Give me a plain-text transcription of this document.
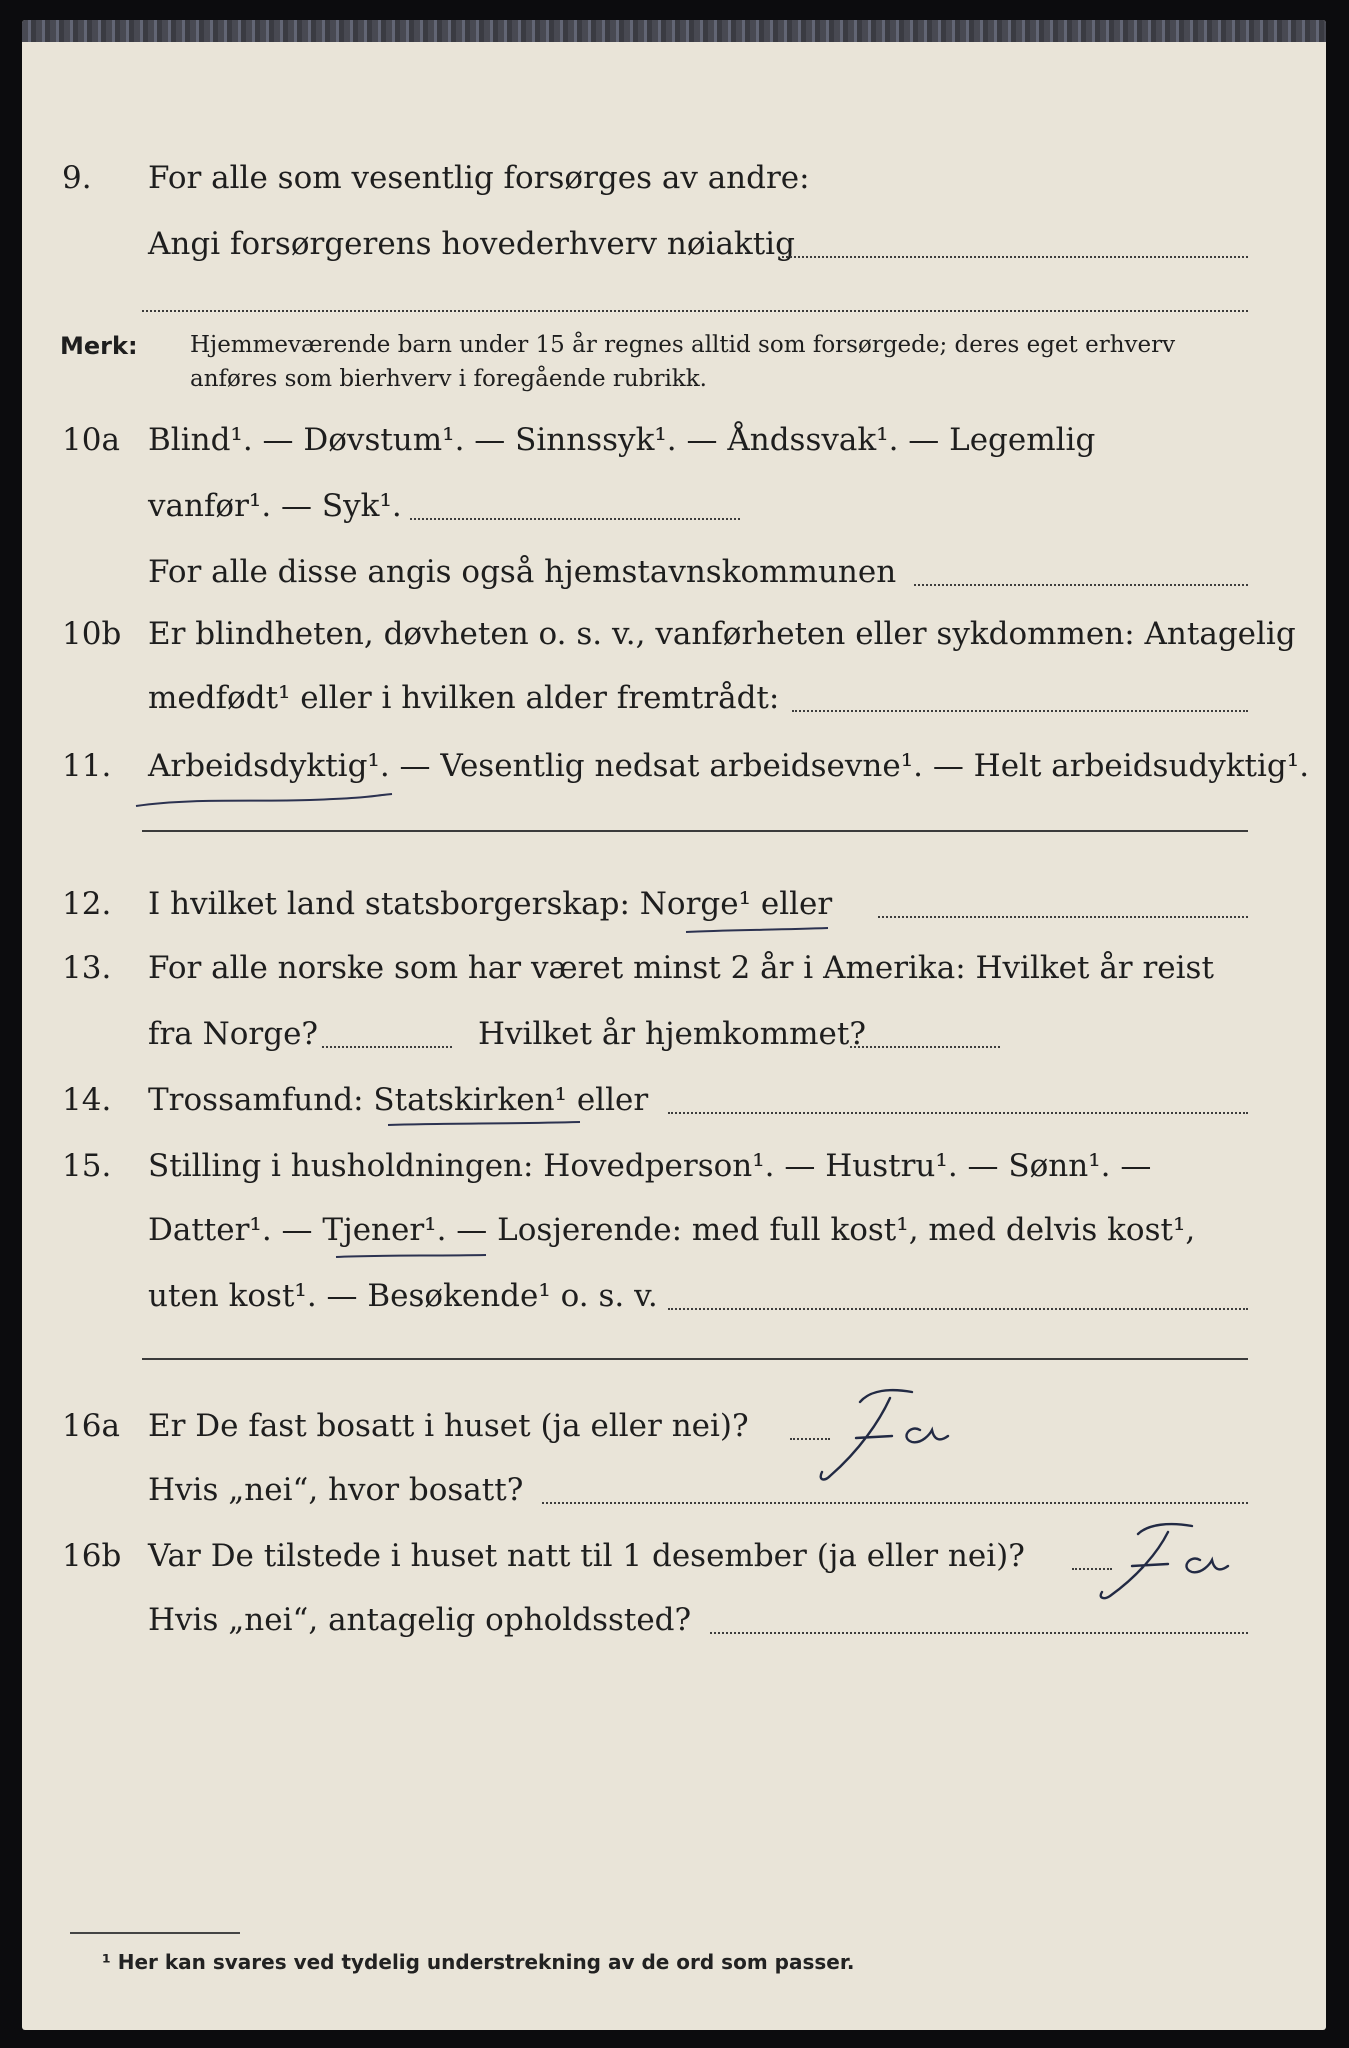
9. For alle som vesentlig forsørges av andre:
Angi forsørgerens hovederhverv nøiaktig
Merk: Hjemmeværende barn under 15 år regnes alltid som forsørgede; deres eget erhverv
anføres som bierhverv i foregående rubrikk.
10a Blind¹. — Døvstum¹. — Sinnssyk¹. — Åndssvak¹. — Legemlig
vanfør¹. — Syk¹.
For alle disse angis også hjemstavnskommunen
10b Er blindheten, døvheten o. s. v., vanførheten eller sykdommen: Antagelig
medfødt¹ eller i hvilken alder fremtrådt:
11. Arbeidsdyktig¹. — Vesentlig nedsat arbeidsevne¹. — Helt arbeidsudyktig¹.
12. I hvilket land statsborgerskap: Norge¹ eller
13. For alle norske som har været minst 2 år i Amerika: Hvilket år reist
fra Norge?	Hvilket år hjemkommet?
14. Trossamfund: Statskirken¹ eller
15. Stilling i husholdningen: Hovedperson¹. — Hustru¹. — Sønn¹. —
Datter¹. — Tjener¹. — Losjerende: med full kost¹, med delvis kost¹,
uten kost¹. — Besøkende¹ o. s. v.
16a Er De fast bosatt i huset (ja eller nei)?
Hvis „nei“, hvor bosatt?
16b Var De tilstede i huset natt til 1 desember (ja eller nei)?
Hvis „nei“, antagelig opholdssted?
¹ Her kan svares ved tydelig understrekning av de ord som passer.
